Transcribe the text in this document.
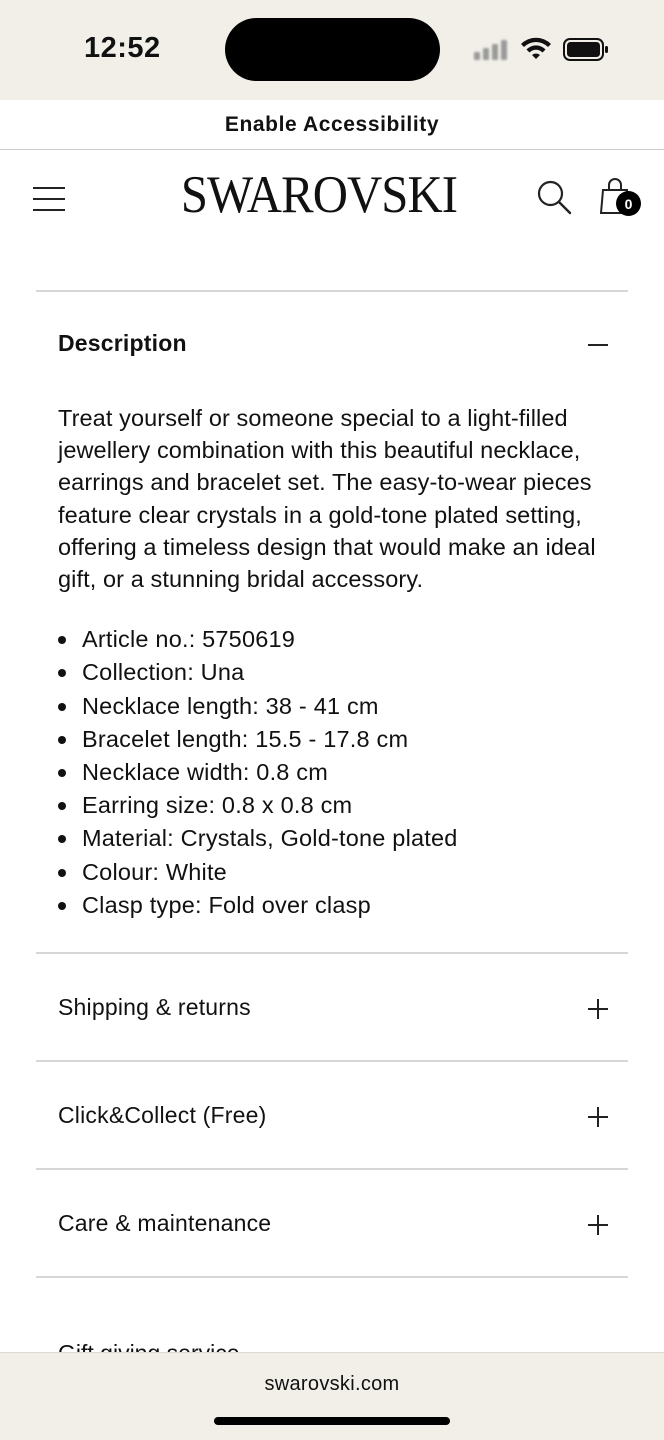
12:52
Enable Accessibility
SWAROVSKI	0
Description

Treat yourself or someone special to a light-filled jewellery combination with this beautiful necklace, earrings and bracelet set. The easy-to-wear pieces feature clear crystals in a gold-tone plated setting, offering a timeless design that would make an ideal gift, or a stunning bridal accessory.

Article no.: 5750619
Collection: Una
Necklace length: 38 - 41 cm
Bracelet length: 15.5 - 17.8 cm
Necklace width: 0.8 cm
Earring size: 0.8 x 0.8 cm
Material: Crystals, Gold-tone plated
Colour: White
Clasp type: Fold over clasp
Shipping & returns
Click&Collect (Free)
Care & maintenance
swarovski.com
